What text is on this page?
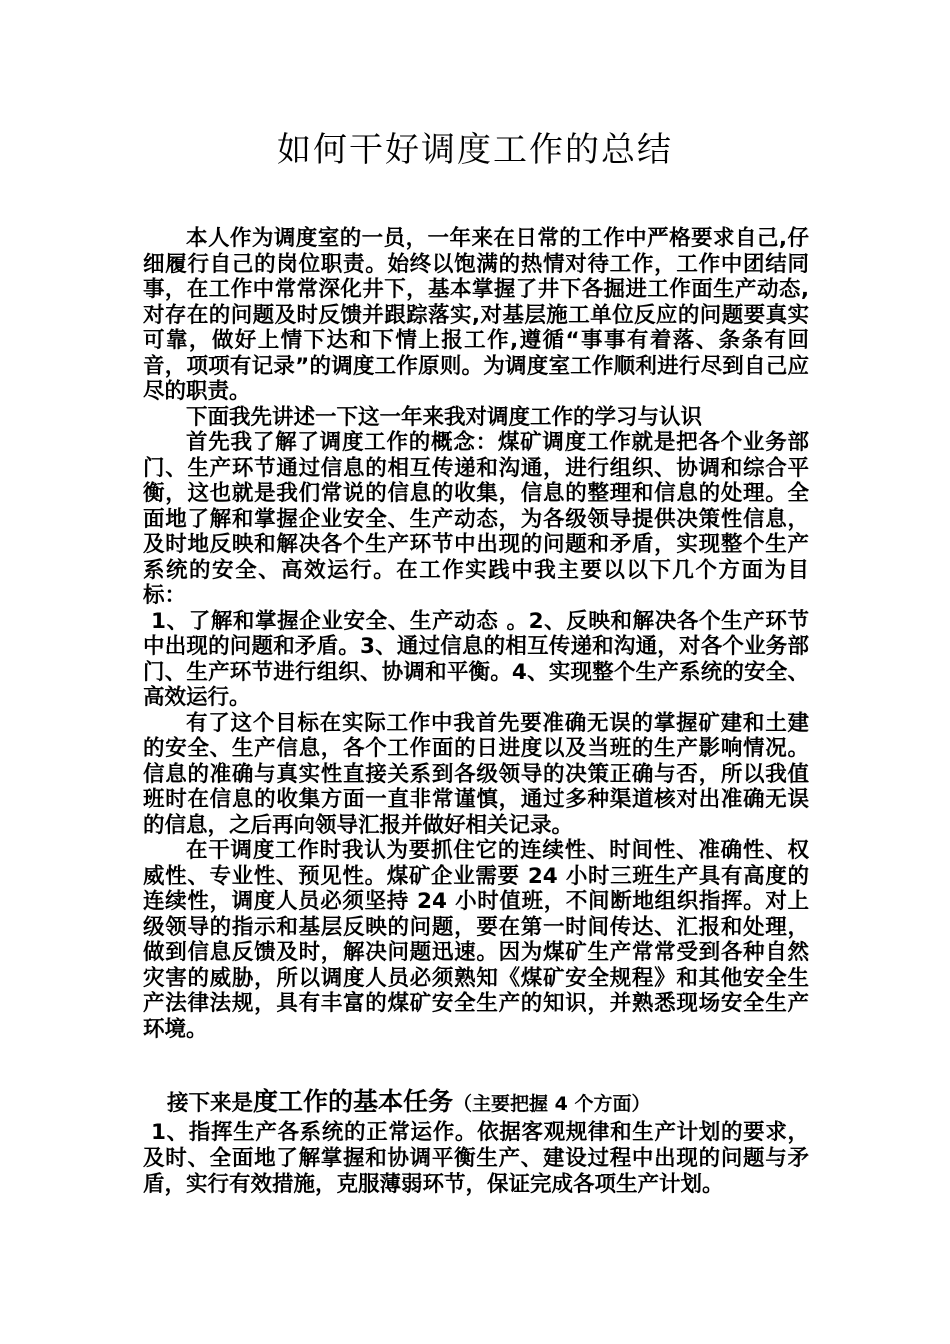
如何干好调度工作的总结

本人作为调度室的一员，一年来在日常的工作中严格要求自己,仔细履行自己的岗位职责。始终以饱满的热情对待工作，工作中团结同事，在工作中常常深化井下，基本掌握了井下各掘进工作面生产动态,对存在的问题及时反馈并跟踪落实,对基层施工单位反应的问题要真实可靠，做好上情下达和下情上报工作,遵循“事事有着落、条条有回音，项项有记录”的调度工作原则。为调度室工作顺利进行尽到自己应尽的职责。

下面我先讲述一下这一年来我对调度工作的学习与认识

首先我了解了调度工作的概念：煤矿调度工作就是把各个业务部门、生产环节通过信息的相互传递和沟通，进行组织、协调和综合平衡，这也就是我们常说的信息的收集，信息的整理和信息的处理。全面地了解和掌握企业安全、生产动态，为各级领导提供决策性信息，及时地反映和解决各个生产环节中出现的问题和矛盾，实现整个生产系统的安全、高效运行。在工作实践中我主要以以下几个方面为目标：

1、了解和掌握企业安全、生产动态 。2、反映和解决各个生产环节中出现的问题和矛盾。3、通过信息的相互传递和沟通，对各个业务部门、生产环节进行组织、协调和平衡。4、实现整个生产系统的安全、高效运行。

有了这个目标在实际工作中我首先要准确无误的掌握矿建和土建的安全、生产信息，各个工作面的日进度以及当班的生产影响情况。信息的准确与真实性直接关系到各级领导的决策正确与否，所以我值班时在信息的收集方面一直非常谨慎，通过多种渠道核对出准确无误的信息，之后再向领导汇报并做好相关记录。

在干调度工作时我认为要抓住它的连续性、时间性、准确性、权威性、专业性、预见性。煤矿企业需要 24 小时三班生产具有高度的连续性，调度人员必须坚持 24 小时值班，不间断地组织指挥。对上级领导的指示和基层反映的问题，要在第一时间传达、汇报和处理，做到信息反馈及时，解决问题迅速。因为煤矿生产常常受到各种自然灾害的威胁，所以调度人员必须熟知《煤矿安全规程》和其他安全生产法律法规，具有丰富的煤矿安全生产的知识，并熟悉现场安全生产环境。

接下来是度工作的基本任务（主要把握 4 个方面）

1、指挥生产各系统的正常运作。依据客观规律和生产计划的要求，及时、全面地了解掌握和协调平衡生产、建设过程中出现的问题与矛盾，实行有效措施，克服薄弱环节，保证完成各项生产计划。
